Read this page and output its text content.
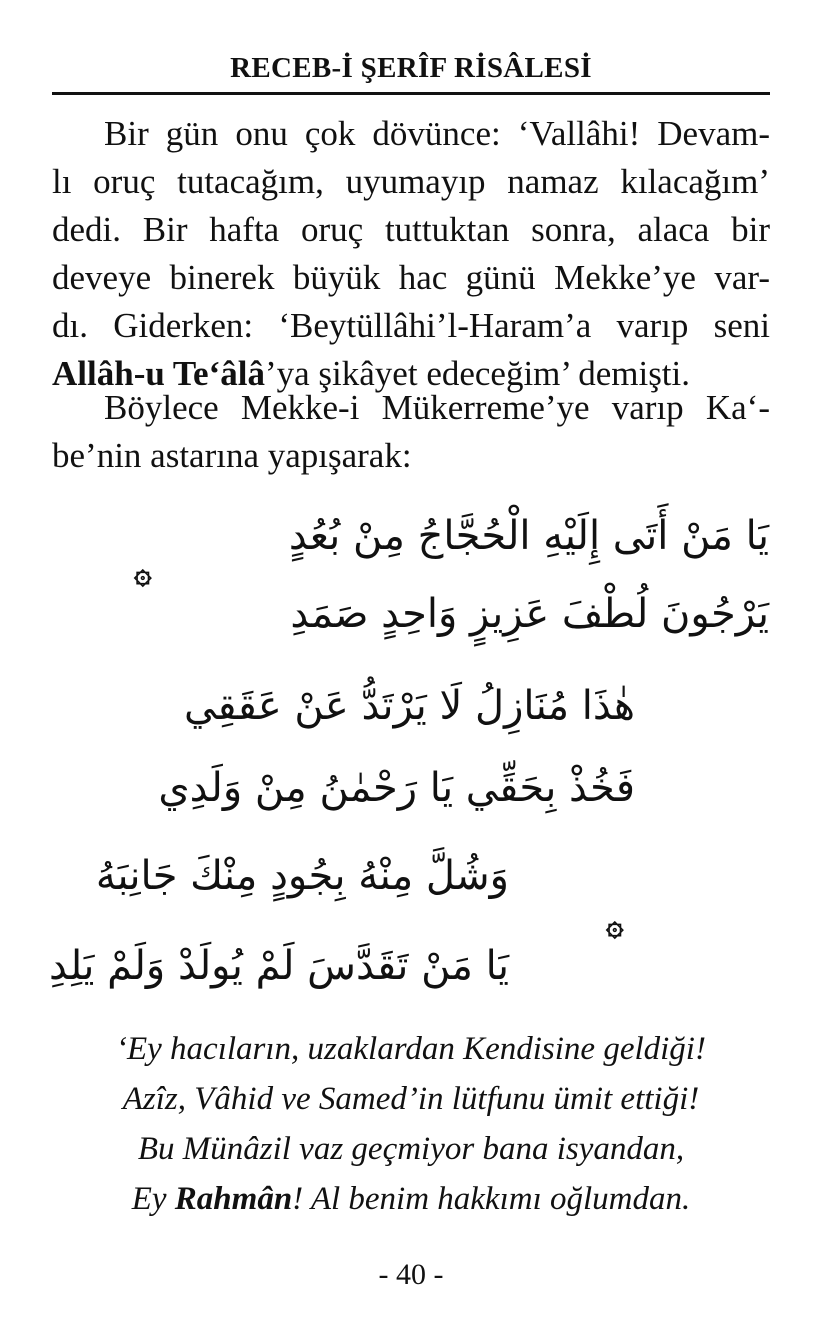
RECEB-İ ŞERÎF RİSÂLESİ
Bir gün onu çok dövünce: ‘Vallâhi! Devam-
lı oruç tutacağım, uyumayıp namaz kılacağım’
dedi. Bir hafta oruç tuttuktan sonra, alaca bir
deveye binerek büyük hac günü Mekke’ye var-
dı. Giderken: ‘Beytüllâhi’l-Haram’a varıp seni
Allâh-u Te‘âlâ’ya şikâyet edeceğim’ demişti.
Böylece Mekke-i Mükerreme’ye varıp Ka‘-
be’nin astarına yapışarak:
يَا مَنْ أَتَى إِلَيْهِ الْحُجَّاجُ مِنْ بُعُدٍ
يَرْجُونَ لُطْفَ عَزِيزٍ وَاحِدٍ صَمَدِ
۞
هٰذَا مُنَازِلُ لَا يَرْتَدُّ عَنْ عَقَقِي
فَخُذْ بِحَقِّي يَا رَحْمٰنُ مِنْ وَلَدِي
وَشُلَّ مِنْهُ بِجُودٍ مِنْكَ جَانِبَهُ
يَا مَنْ تَقَدَّسَ لَمْ يُولَدْ وَلَمْ يَلِدِ
۞
‘Ey hacıların, uzaklardan Kendisine geldiği!
Azîz, Vâhid ve Samed’in lütfunu ümit ettiği!
Bu Münâzil vaz geçmiyor bana isyandan,
Ey Rahmân! Al benim hakkımı oğlumdan.
- 40 -
